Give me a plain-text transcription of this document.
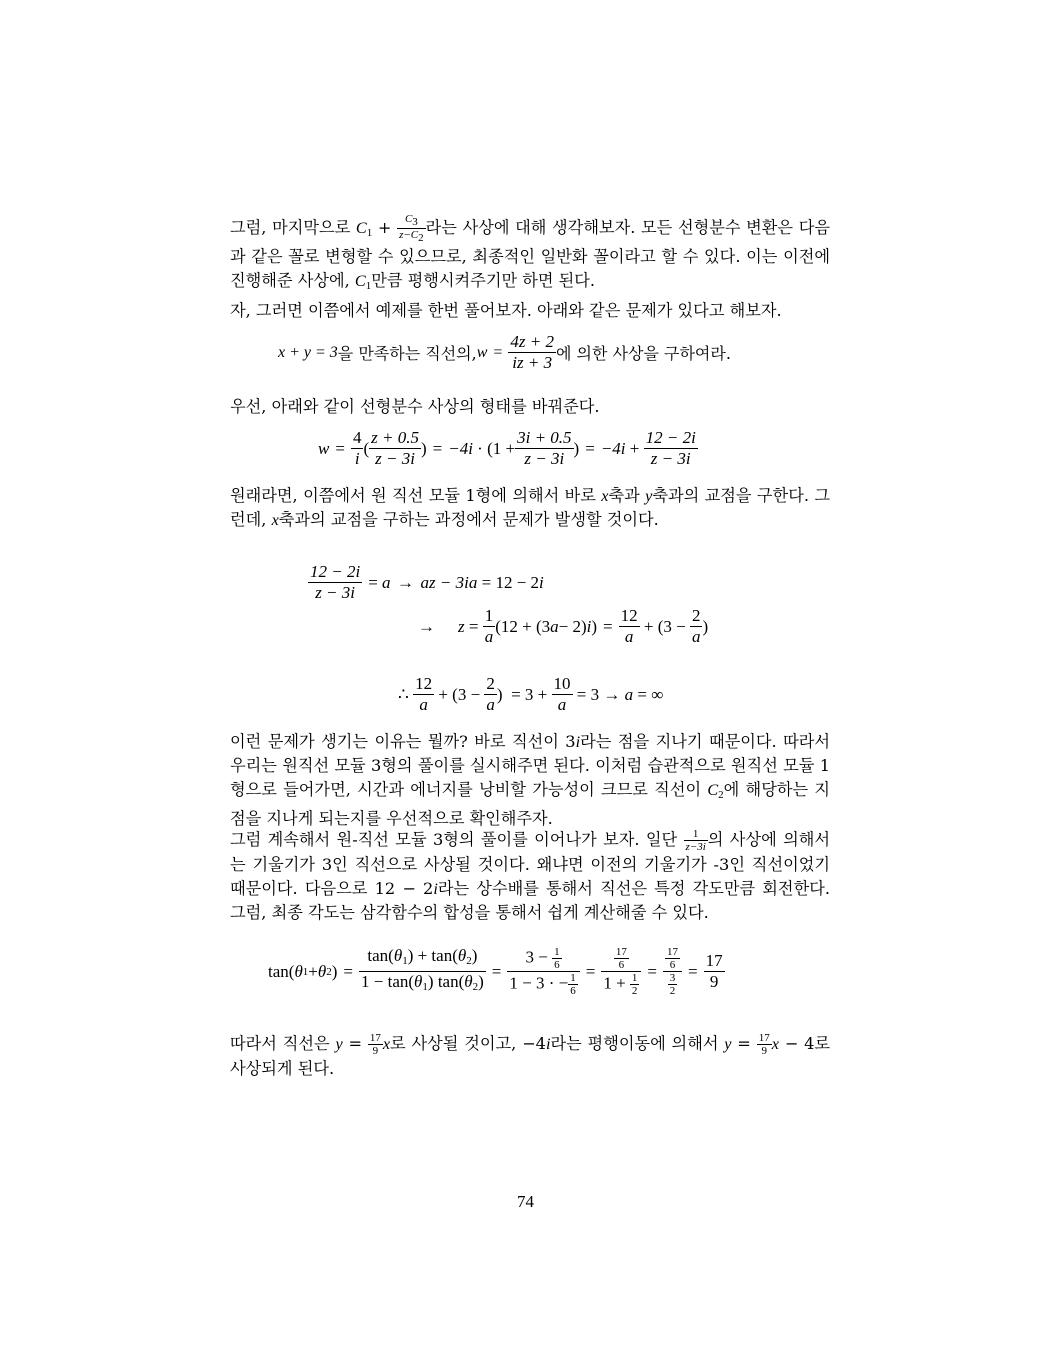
그럼, 마지막으로 $C_1 + \frac{C3}{z-C2}$ 라는 사상에 대해 생각해보자. 모든 선형분수 변환은 다음과 같은 꼴로 변형할 수 있으므로, 최종적인 일반화 꼴이라고 할 수 있다. 이는 이전에 진행해준 사상에, $C_1$만큼 평행시켜주기만 하면 된다.
자, 그러면 이쯤에서 예제를 한번 풀어보자. 아래와 같은 문제가 있다고 해보자.
x + y = 3 을 만족하는 직선의, $w = \frac{4z + 2}{iz + 3}$ 에 의한 사상을 구하여라.
우선, 아래와 같이 선형분수 사상의 형태를 바꿔준다.
$w = \frac{4}{i}$ ( $\frac{z + 0.5}{z - 3i}$ )
= $-4i \cdot (1 + \frac{3i + 0.5}{z - 3i}$ )
= $-4i + \frac{12 - 2i}{z - 3i}$
원래라면, 이쯤에서 원 직선 모듈 1형에 의해서 바로 x축과 y축과의 교점을 구한다. 그런데, x축과의 교점을 구하는 과정에서 문제가 발생할 것이다.
$\frac{12 - 2i}{z - 3i} = a$ → az − 3ia = 12 − 2 i
→	$z = \frac{1}{a} (12 + (3$ a − 2) i )
= $\frac{12}{a} + (3 - \frac{2}{a}$ )
∴ $\frac{12}{a} + (3 - \frac{2}{a}$ )  = $3 + \frac{10}{a} = 3 \to a$ = ∞
이런 문제가 생기는 이유는 뭘까? 바로 직선이 3i라는 점을 지나기 때문이다. 따라서 우리는 원직선 모듈 3형의 풀이를 실시해주면 된다. 이처럼 습관적으로 원직선 모듈 1형으로 들어가면, 시간과 에너지를 낭비할 가능성이 크므로 직선이 $C_2$에 해당하는 지점을 지나게 되는지를 우선적으로 확인해주자.
그럼 계속해서 원-직선 모듈 3형의 풀이를 이어나가 보자. 일단 $\frac{1}{z-3i}$ 의 사상에 의해서는 기울기가 3인 직선으로 사상될 것이다. 왜냐면 이전의 기울기가 -3인 직선이었기 때문이다. 다음으로 12 − 2i라는 상수배를 통해서 직선은 특정 각도만큼 회전한다. 그럼, 최종 각도는 삼각함수의 합성을 통해서 쉽게 계산해줄 수 있다.
tan( θ 1 + θ 2 )
= $\frac{\tan(\theta_1) + \tan(\theta_2)}{1 - \tan(\theta_1) \tan(\theta_2)} = \frac{3 - \frac{1}{6}}{1 - 3 \cdot - \frac{1}{6}} = \frac{\frac{17}{6}}{1 + \frac{1}{2}} = \frac{\frac{17}{6}}{\frac{3}{2}} = \frac{17}{9}$
따라서 직선은 $y = \frac{17}{9}$ x로 사상될 것이고, −4i라는 평행이동에 의해서 $y = \frac{17}{9}$ x − 4로 사상되게 된다.
74
